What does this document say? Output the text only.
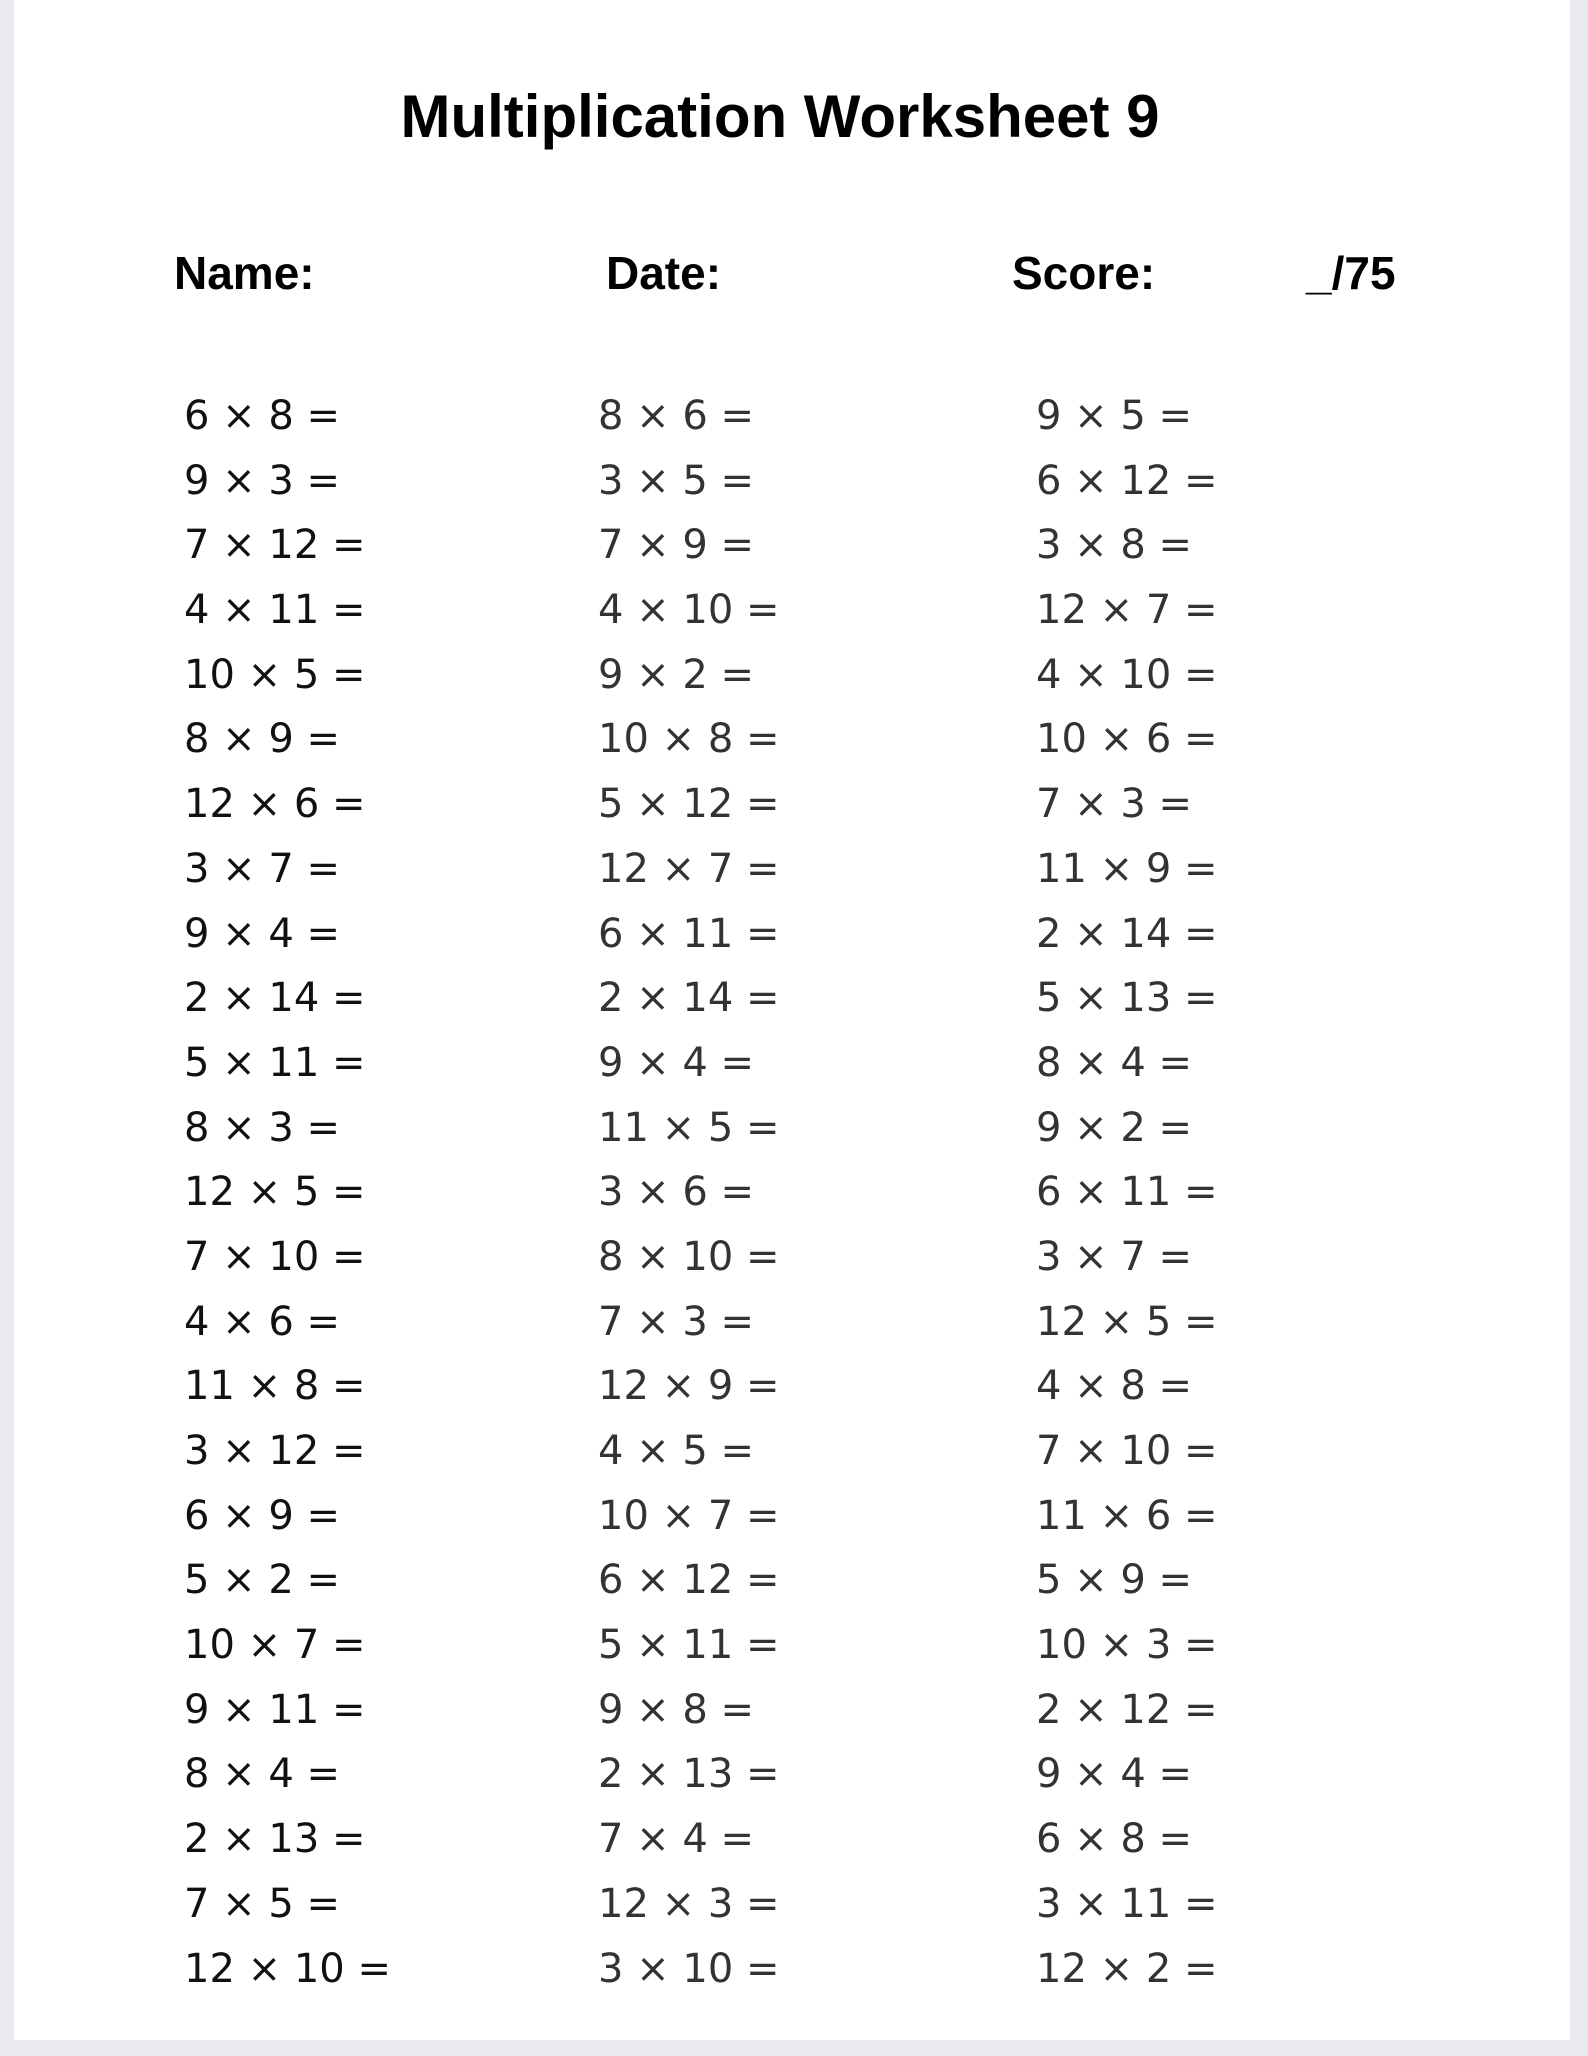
Multiplication Worksheet 9
Name:	Date:	Score:	_/75
6 × 8 =
9 × 3 =
7 × 12 =
4 × 11 =
10 × 5 =
8 × 9 =
12 × 6 =
3 × 7 =
9 × 4 =
2 × 14 =
5 × 11 =
8 × 3 =
12 × 5 =
7 × 10 =
4 × 6 =
11 × 8 =
3 × 12 =
6 × 9 =
5 × 2 =
10 × 7 =
9 × 11 =
8 × 4 =
2 × 13 =
7 × 5 =
12 × 10 =
8 × 6 =
3 × 5 =
7 × 9 =
4 × 10 =
9 × 2 =
10 × 8 =
5 × 12 =
12 × 7 =
6 × 11 =
2 × 14 =
9 × 4 =
11 × 5 =
3 × 6 =
8 × 10 =
7 × 3 =
12 × 9 =
4 × 5 =
10 × 7 =
6 × 12 =
5 × 11 =
9 × 8 =
2 × 13 =
7 × 4 =
12 × 3 =
3 × 10 =
9 × 5 =
6 × 12 =
3 × 8 =
12 × 7 =
4 × 10 =
10 × 6 =
7 × 3 =
11 × 9 =
2 × 14 =
5 × 13 =
8 × 4 =
9 × 2 =
6 × 11 =
3 × 7 =
12 × 5 =
4 × 8 =
7 × 10 =
11 × 6 =
5 × 9 =
10 × 3 =
2 × 12 =
9 × 4 =
6 × 8 =
3 × 11 =
12 × 2 =
